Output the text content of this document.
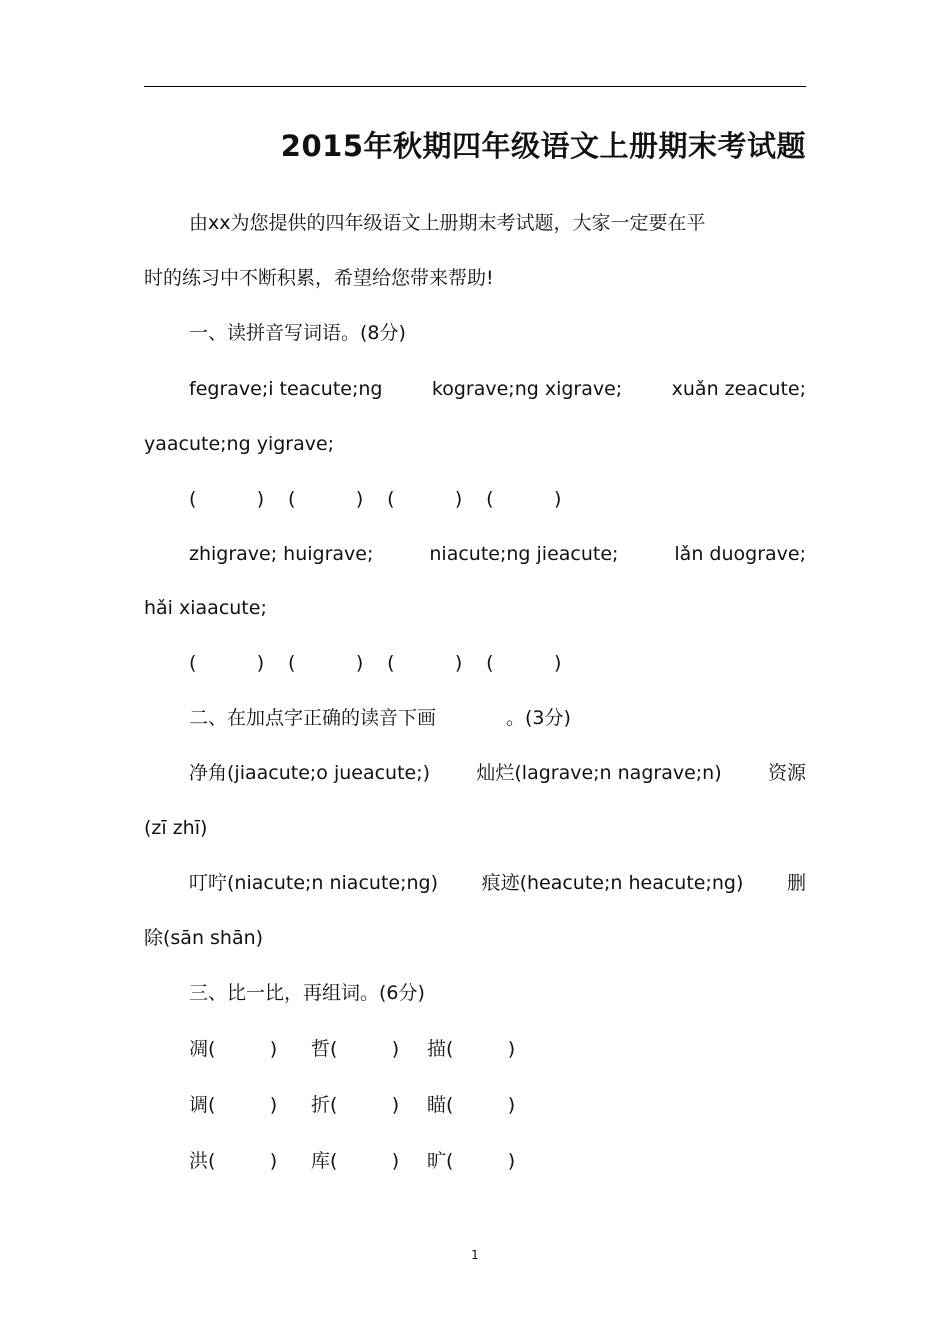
2015年秋期四年级语文上册期末考试题
由xx为您提供的四年级语文上册期末考试题，大家一定要在平
时的练习中不断积累，希望给您带来帮助!
一、读拼音写词语。(8分)
fegrave;i teacute;ng	kograve;ng xigrave;	xuǎn zeacute;
yaacute;ng yigrave;
(          ) (          ) (          ) (          )
zhigrave; huigrave;	niacute;ng jieacute;	lǎn duograve;
hǎi xiaacute;
(          ) (          ) (          ) (          )
二、在加点字正确的读音下画	。(3分)
净角(jiaacute;o jueacute;) 灿烂(lagrave;n nagrave;n) 资源
(zī zhī)
叮咛(niacute;n niacute;ng) 痕迹(heacute;n heacute;ng) 删
除(sān shān)
三、比一比，再组词。(6分)
凋(         ) 哲(         ) 描(         )
调(         ) 折(         ) 瞄(         )
洪(         ) 库(         ) 旷(         )
1
